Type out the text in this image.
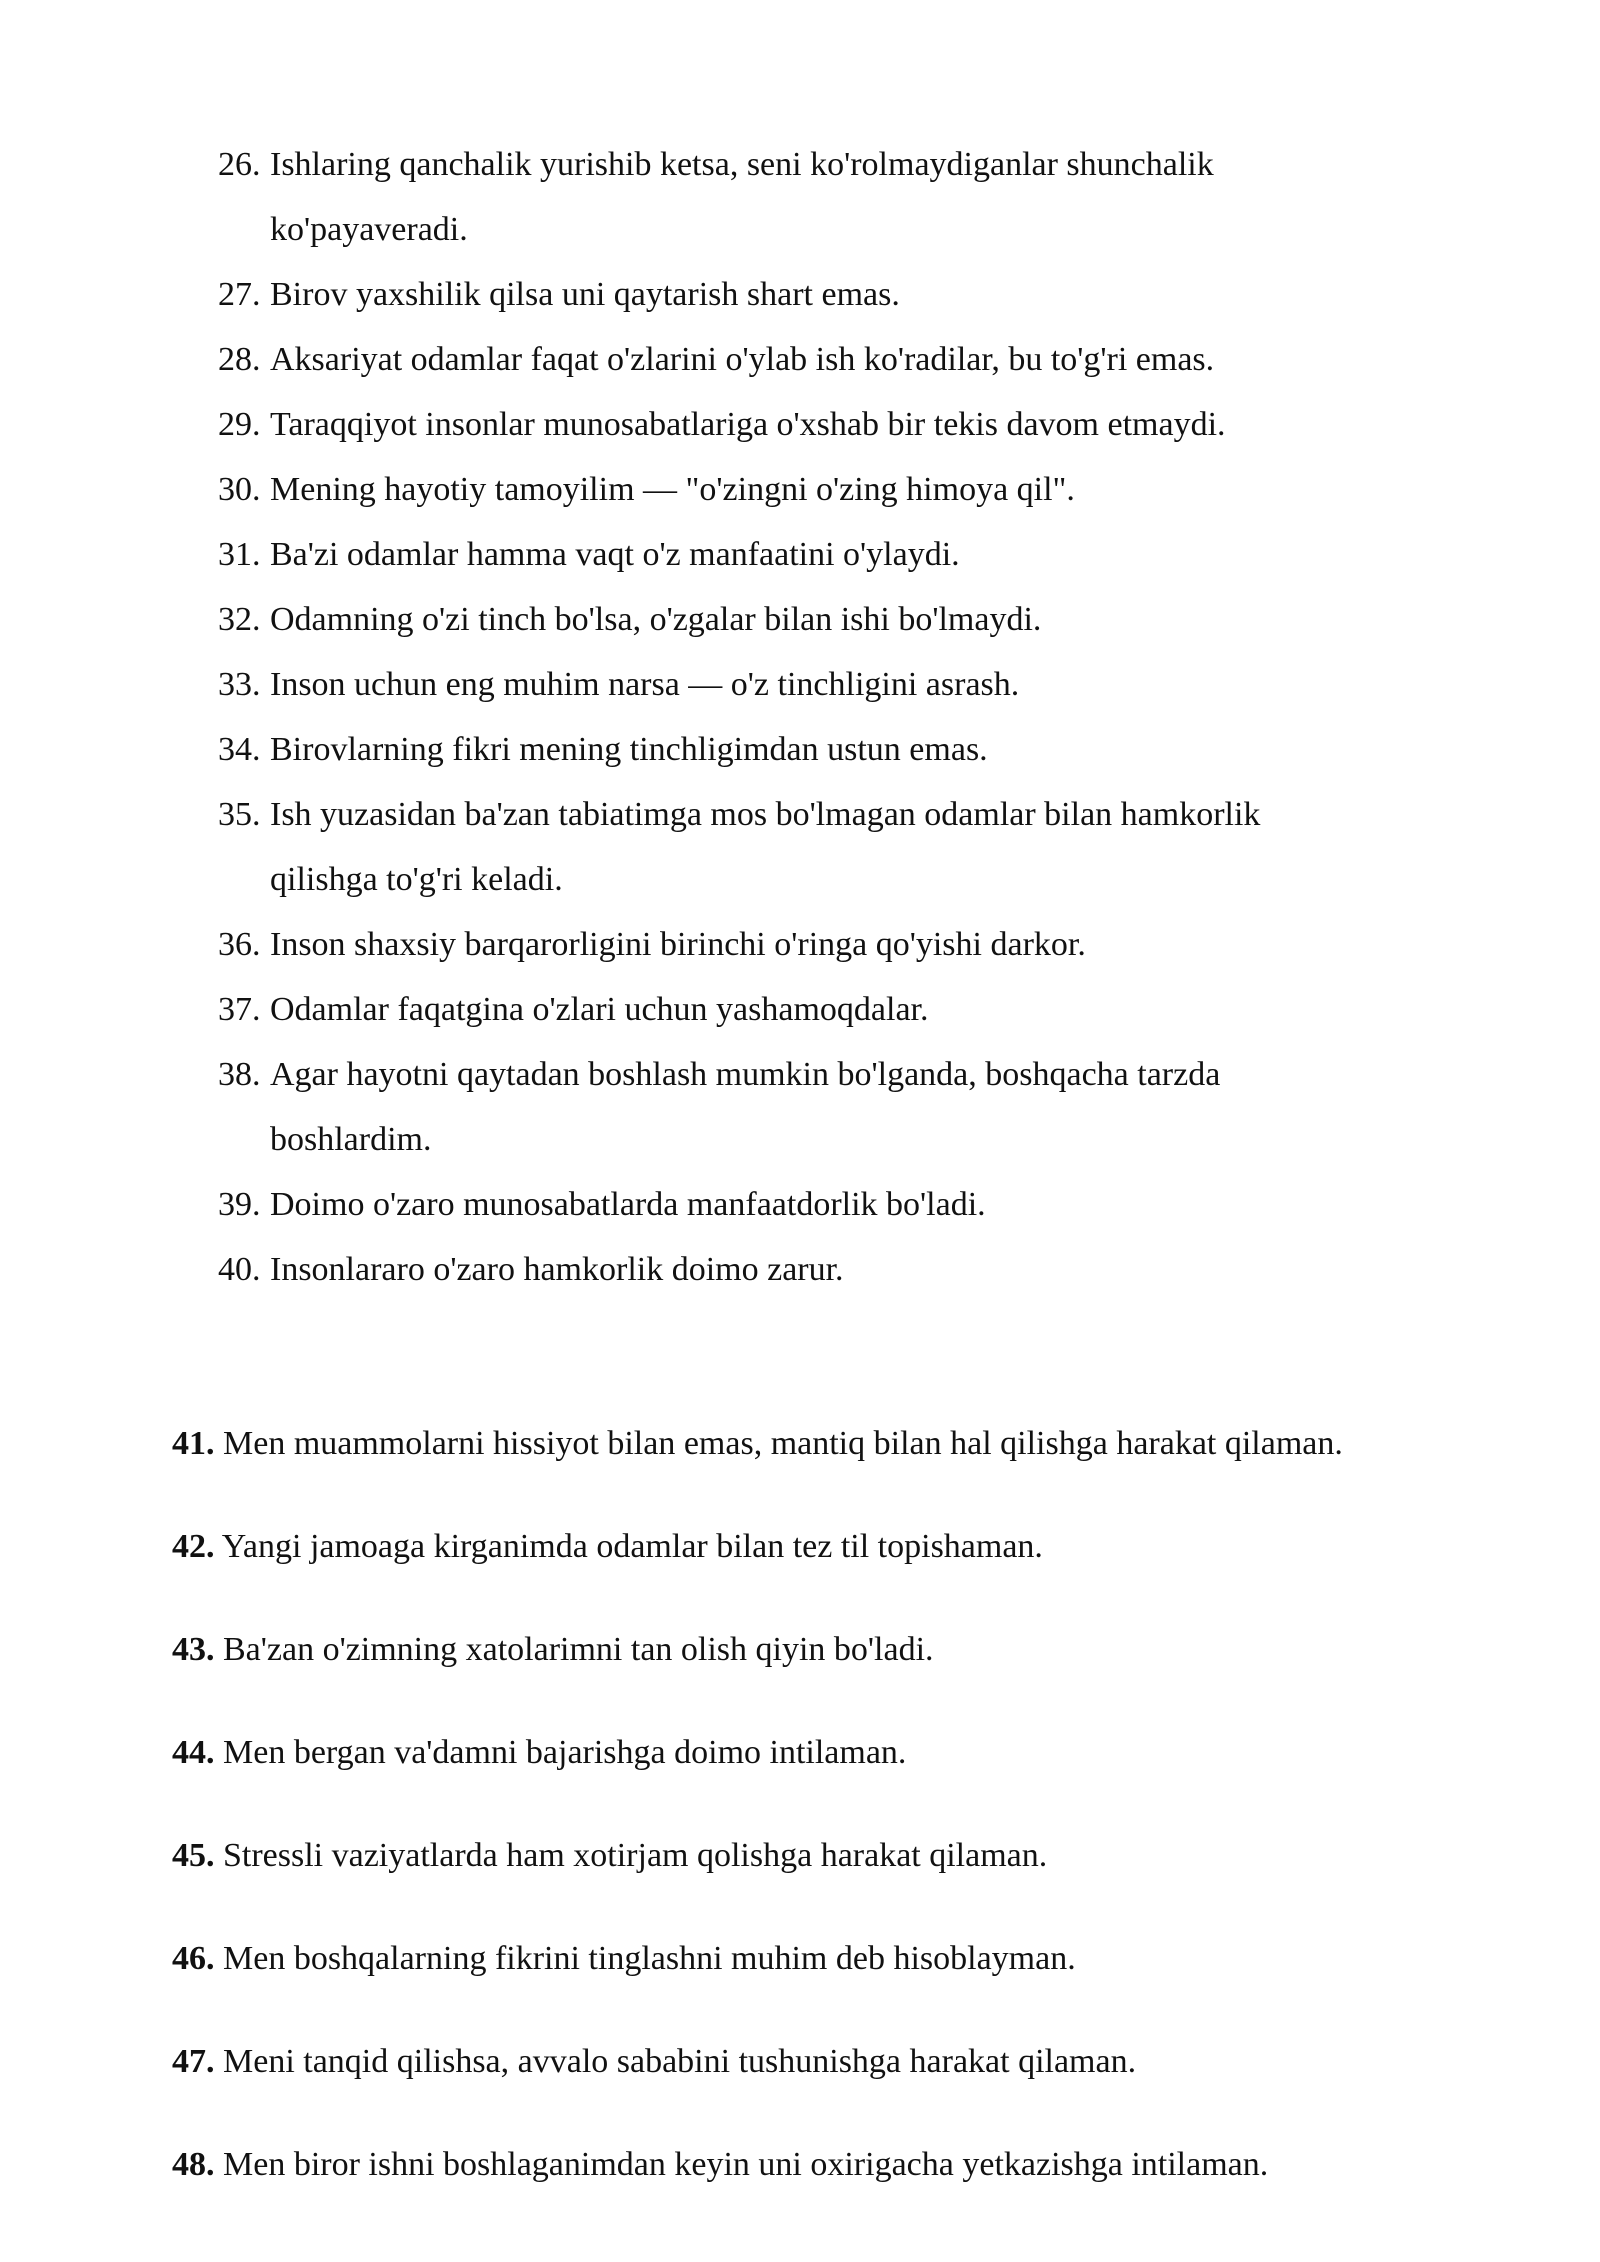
26. Ishlaring qanchalik yurishib ketsa, seni ko'rolmaydiganlar shunchalik
ko'payaveradi.
27. Birov yaxshilik qilsa uni qaytarish shart emas.
28. Aksariyat odamlar faqat o'zlarini o'ylab ish ko'radilar, bu to'g'ri emas.
29. Taraqqiyot insonlar munosabatlariga o'xshab bir tekis davom etmaydi.
30. Mening hayotiy tamoyilim — "o'zingni o'zing himoya qil".
31. Ba'zi odamlar hamma vaqt o'z manfaatini o'ylaydi.
32. Odamning o'zi tinch bo'lsa, o'zgalar bilan ishi bo'lmaydi.
33. Inson uchun eng muhim narsa — o'z tinchligini asrash.
34. Birovlarning fikri mening tinchligimdan ustun emas.
35. Ish yuzasidan ba'zan tabiatimga mos bo'lmagan odamlar bilan hamkorlik
qilishga to'g'ri keladi.
36. Inson shaxsiy barqarorligini birinchi o'ringa qo'yishi darkor.
37. Odamlar faqatgina o'zlari uchun yashamoqdalar.
38. Agar hayotni qaytadan boshlash mumkin bo'lganda, boshqacha tarzda
boshlardim.
39. Doimo o'zaro munosabatlarda manfaatdorlik bo'ladi.
40. Insonlararo o'zaro hamkorlik doimo zarur.
41. Men muammolarni hissiyot bilan emas, mantiq bilan hal qilishga harakat qilaman.
42. Yangi jamoaga kirganimda odamlar bilan tez til topishaman.
43. Ba'zan o'zimning xatolarimni tan olish qiyin bo'ladi.
44. Men bergan va'damni bajarishga doimo intilaman.
45. Stressli vaziyatlarda ham xotirjam qolishga harakat qilaman.
46. Men boshqalarning fikrini tinglashni muhim deb hisoblayman.
47. Meni tanqid qilishsa, avvalo sababini tushunishga harakat qilaman.
48. Men biror ishni boshlaganimdan keyin uni oxirigacha yetkazishga intilaman.
